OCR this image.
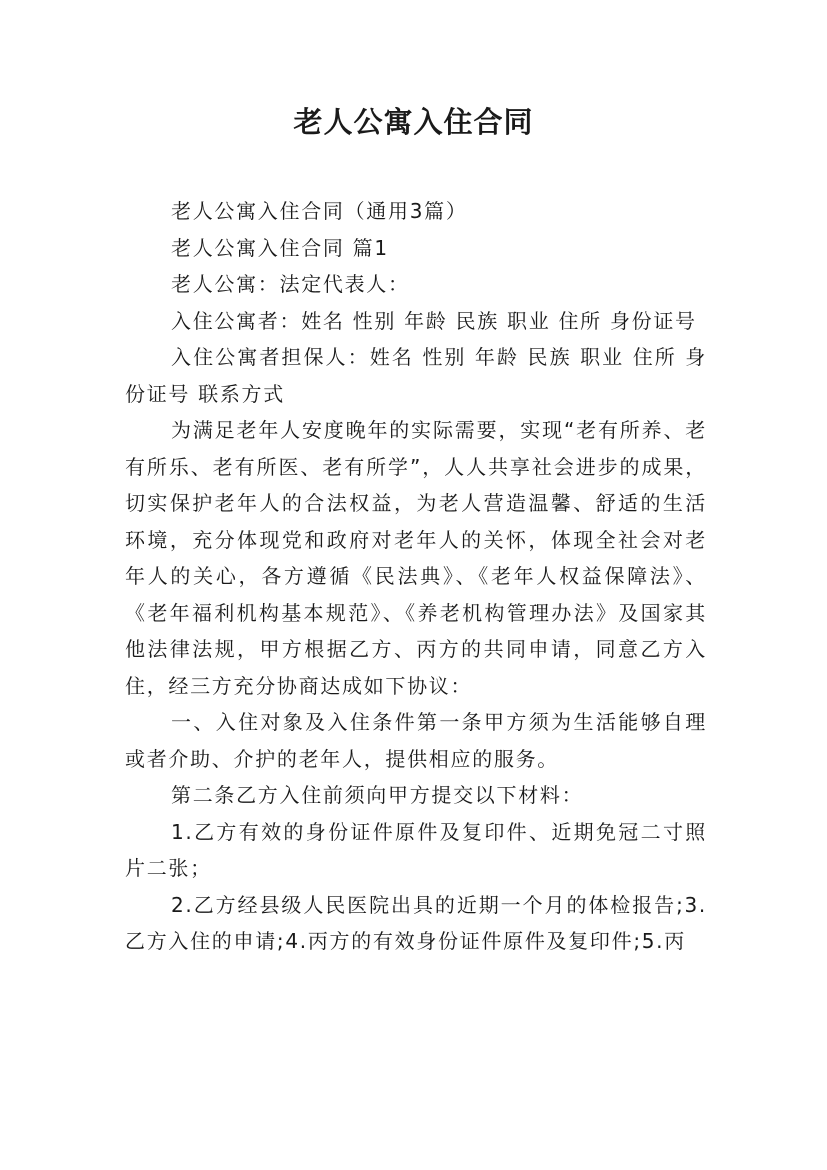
老人公寓入住合同

老人公寓入住合同（通用3篇）

老人公寓入住合同 篇1

老人公寓：法定代表人：

入住公寓者：姓名 性别 年龄 民族 职业 住所 身份证号

入住公寓者担保人：姓名 性别 年龄 民族 职业 住所 身份证号 联系方式

为满足老年人安度晚年的实际需要，实现“老有所养、老有所乐、老有所医、老有所学”，人人共享社会进步的成果，切实保护老年人的合法权益，为老人营造温馨、舒适的生活环境，充分体现党和政府对老年人的关怀，体现全社会对老年人的关心，各方遵循《民法典》、《老年人权益保障法》、《老年福利机构基本规范》、《养老机构管理办法》及国家其他法律法规，甲方根据乙方、丙方的共同申请，同意乙方入住，经三方充分协商达成如下协议：

一、入住对象及入住条件第一条甲方须为生活能够自理或者介助、介护的老年人，提供相应的服务。

第二条乙方入住前须向甲方提交以下材料：

1.乙方有效的身份证件原件及复印件、近期免冠二寸照片二张；

2.乙方经县级人民医院出具的近期一个月的体检报告;3.乙方入住的申请;4.丙方的有效身份证件原件及复印件;5.丙
